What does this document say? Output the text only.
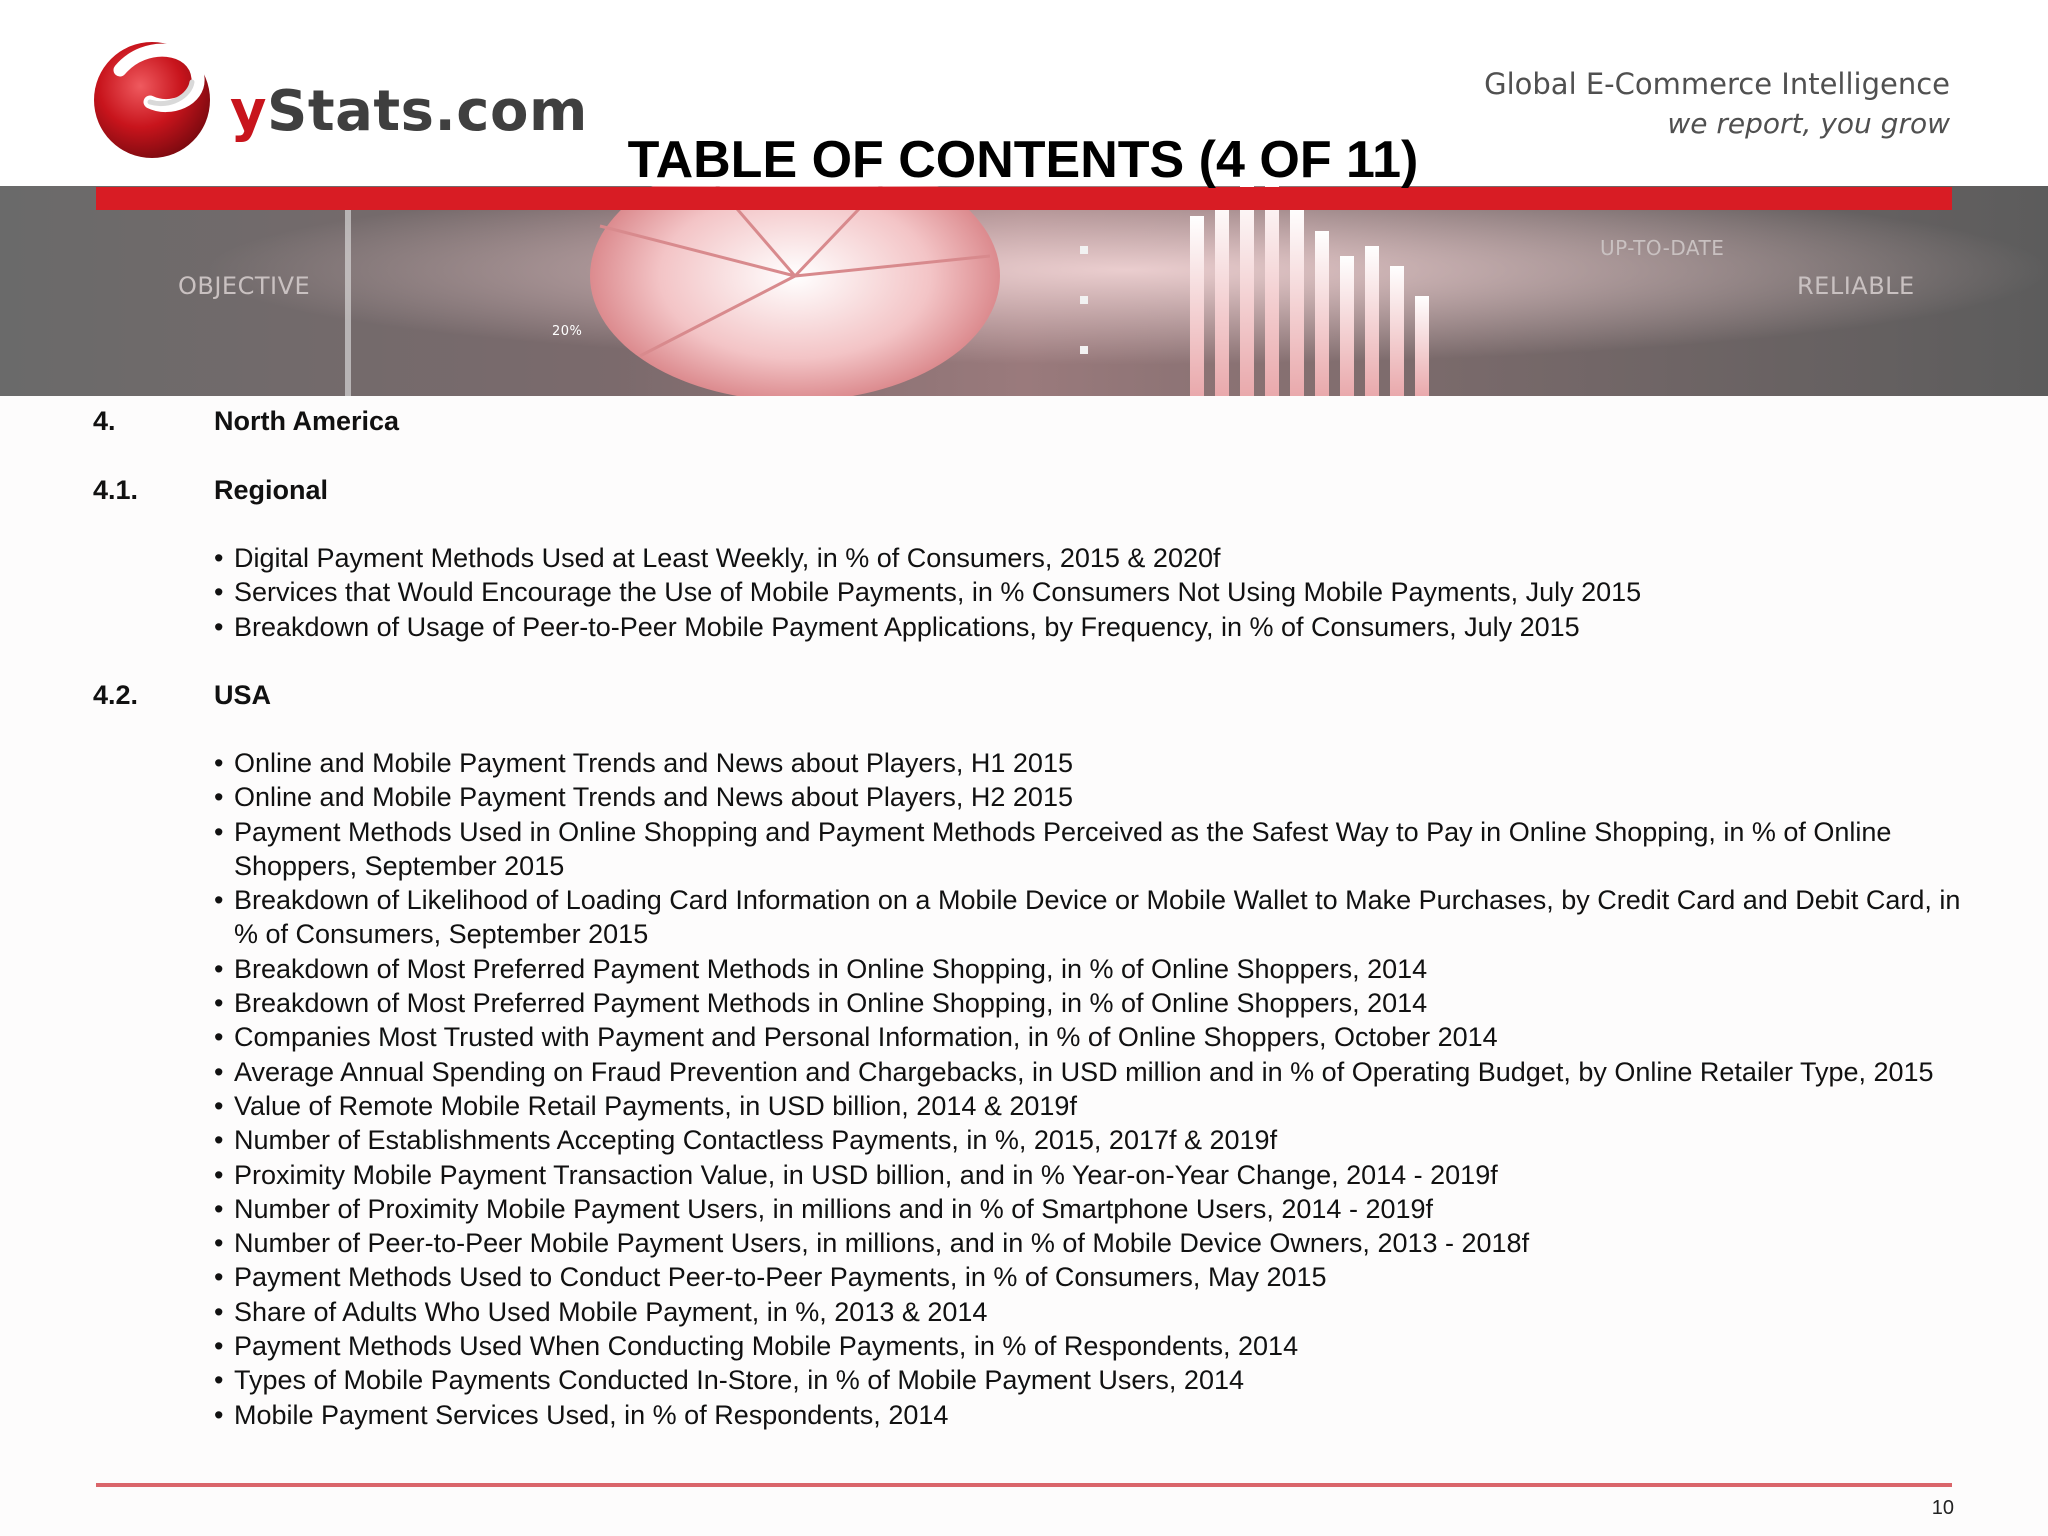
yStats.com	Global E-Commerce Intelligence
we report, you grow
OBJECTIVE
UP-TO-DATE
RELIABLE
20%
TABLE OF CONTENTS (4 OF 11)
4.	North America
4.1.	Regional
• Digital Payment Methods Used at Least Weekly, in % of Consumers, 2015 & 2020f
• Services that Would Encourage the Use of Mobile Payments, in % Consumers Not Using Mobile Payments, July 2015
• Breakdown of Usage of Peer-to-Peer Mobile Payment Applications, by Frequency, in % of Consumers, July 2015
4.2.	USA
• Online and Mobile Payment Trends and News about Players, H1 2015
• Online and Mobile Payment Trends and News about Players, H2 2015
• Payment Methods Used in Online Shopping and Payment Methods Perceived as the Safest Way to Pay in Online Shopping, in % of Online Shoppers, September 2015
• Breakdown of Likelihood of Loading Card Information on a Mobile Device or Mobile Wallet to Make Purchases, by Credit Card and Debit Card, in % of Consumers, September 2015
• Breakdown of Most Preferred Payment Methods in Online Shopping, in % of Online Shoppers, 2014
• Breakdown of Most Preferred Payment Methods in Online Shopping, in % of Online Shoppers, 2014
• Companies Most Trusted with Payment and Personal Information, in % of Online Shoppers, October 2014
• Average Annual Spending on Fraud Prevention and Chargebacks, in USD million and in % of Operating Budget, by Online Retailer Type, 2015
• Value of Remote Mobile Retail Payments, in USD billion, 2014 & 2019f
• Number of Establishments Accepting Contactless Payments, in %, 2015, 2017f & 2019f
• Proximity Mobile Payment Transaction Value, in USD billion, and in % Year-on-Year Change, 2014 - 2019f
• Number of Proximity Mobile Payment Users, in millions and in % of Smartphone Users, 2014 - 2019f
• Number of Peer-to-Peer Mobile Payment Users, in millions, and in % of Mobile Device Owners, 2013 - 2018f
• Payment Methods Used to Conduct Peer-to-Peer Payments, in % of Consumers, May 2015
• Share of Adults Who Used Mobile Payment, in %, 2013 & 2014
• Payment Methods Used When Conducting Mobile Payments, in % of Respondents, 2014
• Types of Mobile Payments Conducted In-Store, in % of Mobile Payment Users, 2014
• Mobile Payment Services Used, in % of Respondents, 2014
10
